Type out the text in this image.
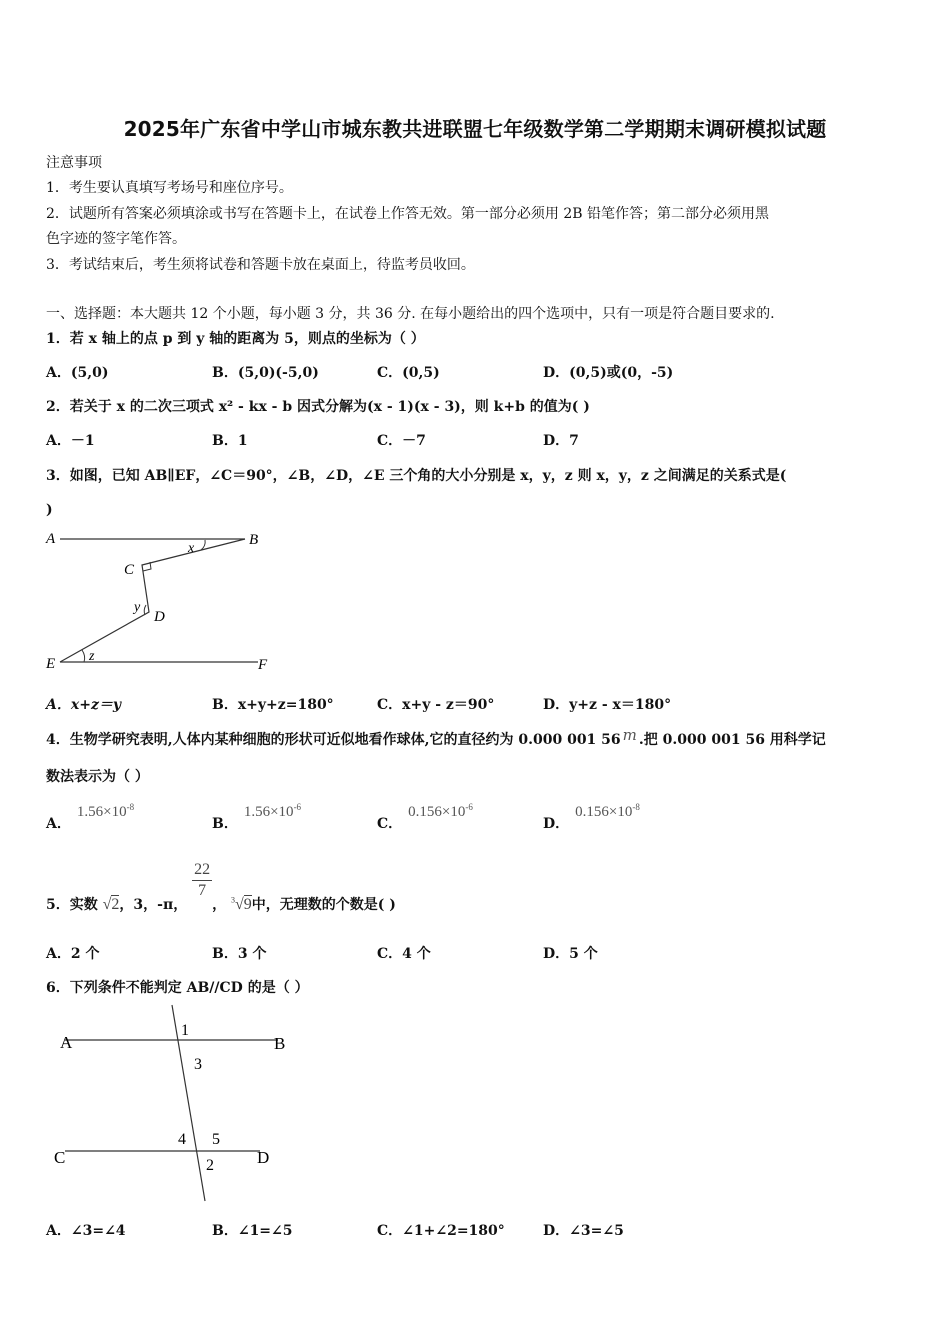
2025年广东省中学山市城东教共进联盟七年级数学第二学期期末调研模拟试题
注意事项
1．考生要认真填写考场号和座位序号。
2．试题所有答案必须填涂或书写在答题卡上，在试卷上作答无效。第一部分必须用 2B 铅笔作答；第二部分必须用黑
色字迹的签字笔作答。
3．考试结束后，考生须将试卷和答题卡放在桌面上，待监考员收回。
一、选择题：本大题共 12 个小题，每小题 3 分，共 36 分. 在每小题给出的四个选项中，只有一项是符合题目要求的.
1．若 x 轴上的点 p 到 y 轴的距离为 5，则点的坐标为（ ）
A．(5,0)	B．(5,0)(-5,0)	C．(0,5)	D．(0,5)或(0，-5)
2．若关于 x 的二次三项式 x² - kx - b 因式分解为(x - 1)(x - 3)，则 k+b 的值为( )
A．－1	B．1	C．－7	D．7
3．如图，已知 AB∥EF，∠C＝90°，∠B，∠D，∠E 三个角的大小分别是 x，y，z 则 x，y，z 之间满足的关系式是(
)
A	B
C
D
E	F
x
y
z
A．x+z＝y	B．x+y+z=180°	C．x+y - z＝90°	D．y+z - x＝180°
4．生物学研究表明,人体内某种细胞的形状可近似地看作球体,它的直径约为 0.000 001 56 m .把 0.000 001 56 用科学记
数法表示为（ ）
A．$1.56\times 10^{-8}$
B．$1.56\times 10^{-6}$
C．$0.156\times 10^{-6}$
D．$0.156\times 10^{-8}$
5．实数 √2，3，-π，
$\frac{22}{7}$
， $^3$√9中，无理数的个数是( )
A．2 个	B．3 个	C．4 个	D．5 个
6．下列条件不能判定 AB//CD 的是（ ）
A	B
C	D
1
3
4 5
2
A．∠3=∠4	B．∠1=∠5	C．∠1+∠2=180°	D．∠3=∠5
